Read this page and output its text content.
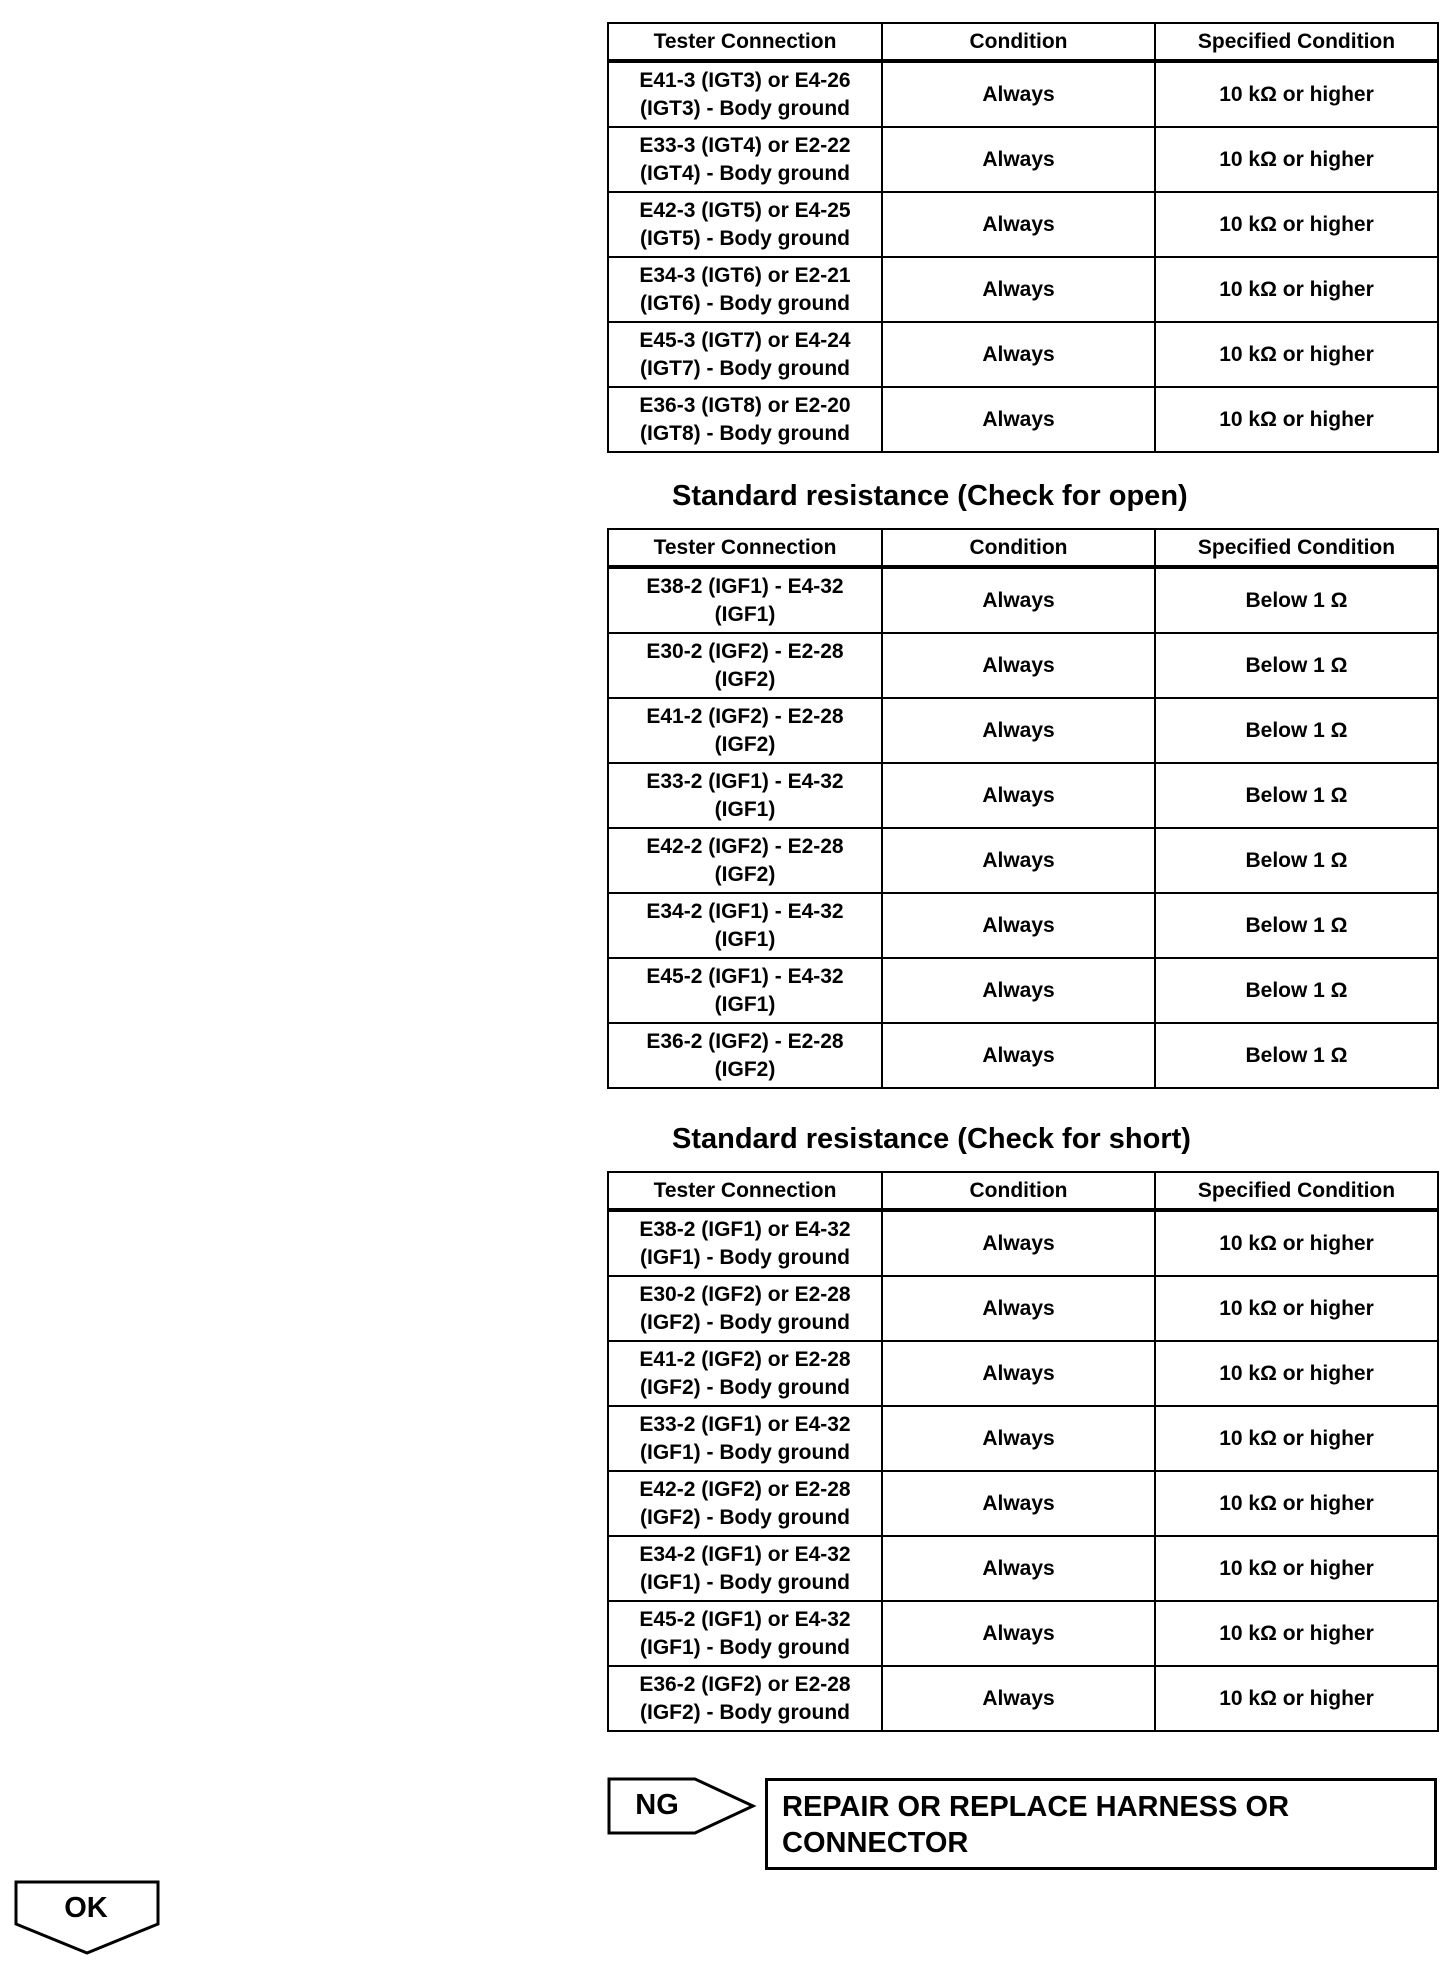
Tester Connection	Condition	Specified Condition

E41-3 (IGT3) or E4-26
(IGT3) - Body ground	Always	10 kΩ or higher

E33-3 (IGT4) or E2-22
(IGT4) - Body ground	Always	10 kΩ or higher

E42-3 (IGT5) or E4-25
(IGT5) - Body ground	Always	10 kΩ or higher

E34-3 (IGT6) or E2-21
(IGT6) - Body ground	Always	10 kΩ or higher

E45-3 (IGT7) or E4-24
(IGT7) - Body ground	Always	10 kΩ or higher

E36-3 (IGT8) or E2-20
(IGT8) - Body ground	Always	10 kΩ or higher
Standard resistance (Check for open)
Tester Connection	Condition	Specified Condition

E38-2 (IGF1) - E4-32
(IGF1)	Always	Below 1 Ω

E30-2 (IGF2) - E2-28
(IGF2)	Always	Below 1 Ω

E41-2 (IGF2) - E2-28
(IGF2)	Always	Below 1 Ω

E33-2 (IGF1) - E4-32
(IGF1)	Always	Below 1 Ω

E42-2 (IGF2) - E2-28
(IGF2)	Always	Below 1 Ω

E34-2 (IGF1) - E4-32
(IGF1)	Always	Below 1 Ω

E45-2 (IGF1) - E4-32
(IGF1)	Always	Below 1 Ω

E36-2 (IGF2) - E2-28
(IGF2)	Always	Below 1 Ω
Standard resistance (Check for short)
Tester Connection	Condition	Specified Condition

E38-2 (IGF1) or E4-32
(IGF1) - Body ground	Always	10 kΩ or higher

E30-2 (IGF2) or E2-28
(IGF2) - Body ground	Always	10 kΩ or higher

E41-2 (IGF2) or E2-28
(IGF2) - Body ground	Always	10 kΩ or higher

E33-2 (IGF1) or E4-32
(IGF1) - Body ground	Always	10 kΩ or higher

E42-2 (IGF2) or E2-28
(IGF2) - Body ground	Always	10 kΩ or higher

E34-2 (IGF1) or E4-32
(IGF1) - Body ground	Always	10 kΩ or higher

E45-2 (IGF1) or E4-32
(IGF1) - Body ground	Always	10 kΩ or higher

E36-2 (IGF2) or E2-28
(IGF2) - Body ground	Always	10 kΩ or higher
NG	REPAIR OR REPLACE HARNESS OR
CONNECTOR
OK
